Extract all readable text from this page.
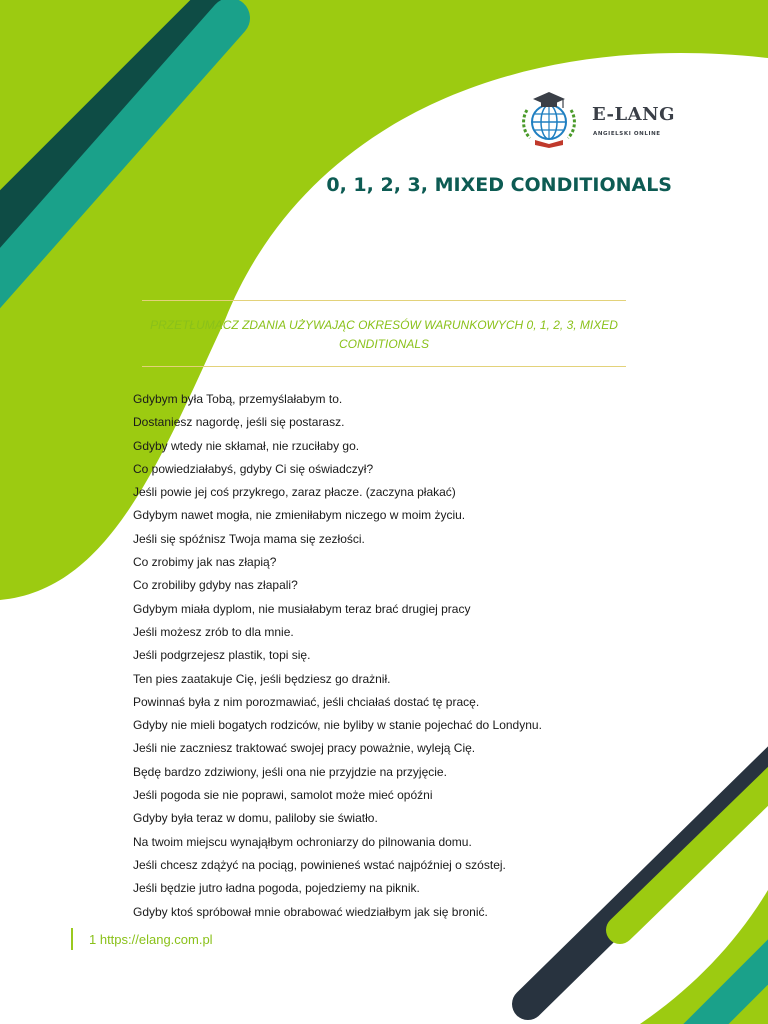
E-LANG
ANGIELSKI ONLINE
0, 1, 2, 3, MIXED CONDITIONALS

PRZETŁUMACZ ZDANIA UŻYWAJĄC OKRESÓW WARUNKOWYCH 0, 1, 2, 3, MIXED CONDITIONALS

Gdybym była Tobą, przemyślałabym to.
Dostaniesz nagordę, jeśli się postarasz.
Gdyby wtedy nie skłamał, nie rzuciłaby go.
Co powiedziałabyś, gdyby Ci się oświadczył?
Jeśli powie jej coś przykrego, zaraz płacze. (zaczyna płakać)
Gdybym nawet mogła, nie zmieniłabym niczego w moim życiu.
Jeśli się spóźnisz Twoja mama się zezłości.
Co zrobimy jak nas złapią?
Co zrobiliby gdyby nas złapali?
Gdybym miała dyplom, nie musiałabym teraz brać drugiej pracy
Jeśli możesz zrób to dla mnie.
Jeśli podgrzejesz plastik, topi się.
Ten pies zaatakuje Cię, jeśli będziesz go drażnił.
Powinnaś była z nim porozmawiać, jeśli chciałaś dostać tę pracę.
Gdyby nie mieli bogatych rodziców, nie byliby w stanie pojechać do Londynu.
Jeśli nie zaczniesz traktować swojej pracy poważnie, wyleją Cię.
Będę bardzo zdziwiony, jeśli ona nie przyjdzie na przyjęcie.
Jeśli pogoda sie nie poprawi, samolot może mieć opóźni
Gdyby była teraz w domu, paliloby sie światło.
Na twoim miejscu wynająłbym ochroniarzy do pilnowania domu.
Jeśli chcesz zdążyć na pociąg, powinieneś wstać najpóźniej o szóstej.
Jeśli będzie jutro ładna pogoda, pojedziemy na piknik.
Gdyby ktoś spróbował mnie obrabować wiedziałbym jak się bronić.
1 https://elang.com.pl
